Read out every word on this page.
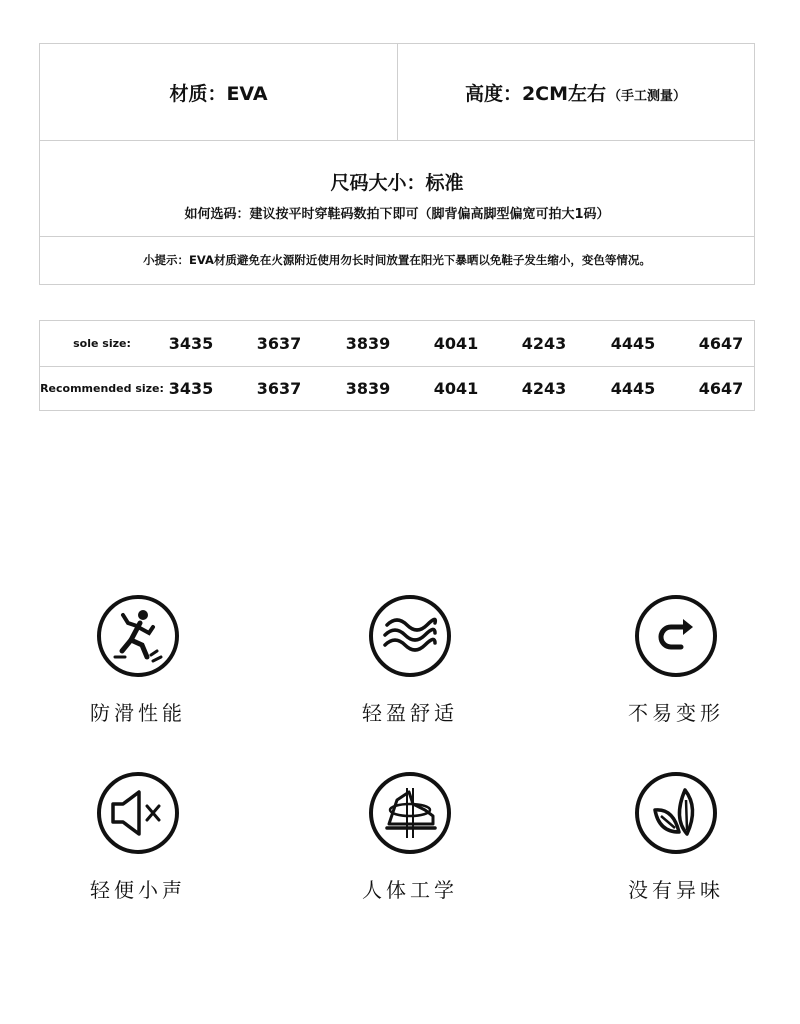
材质：EVA	高度：2CM左右 （手工测量）
尺码大小：标准
如何选码：建议按平时穿鞋码数拍下即可（脚背偏高脚型偏宽可拍大1码）
小提示：EVA材质避免在火源附近使用勿长时间放置在阳光下暴晒以免鞋子发生缩小，变色等情况。
sole size:	3435	3637	3839	4041	4243	4445	4647
Recommended size: 3435	3637	3839	4041	4243	4445	4647
防滑性能	轻盈舒适	不易变形
轻便小声	人体工学	没有异味
